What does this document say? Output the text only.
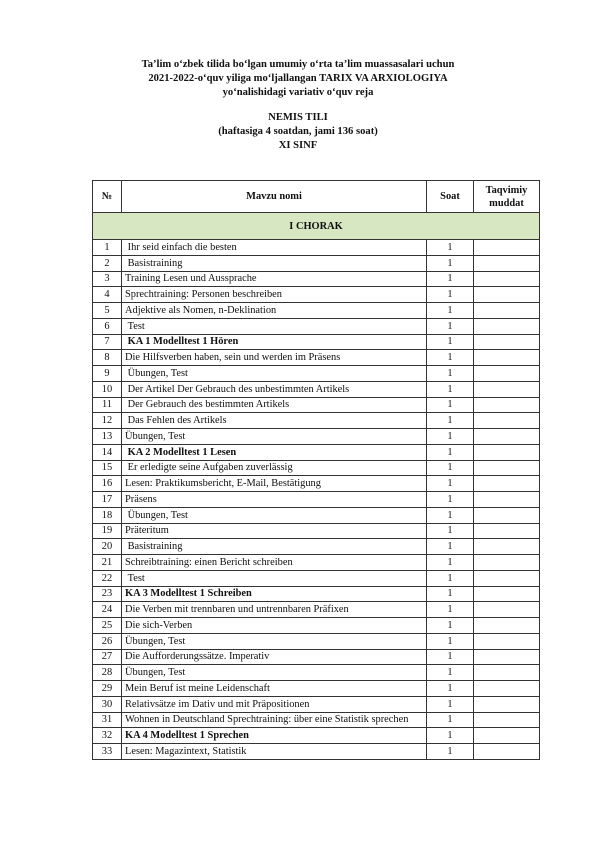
Ta’lim o‘zbek tilida bo‘lgan umumiy o‘rta ta’lim muassasalari uchun
2021-2022-o‘quv yiliga mo‘ljallangan TARIX VA ARXIOLOGIYA
yo‘nalishidagi variativ o‘quv reja
NEMIS TILI
(haftasiga 4 soatdan, jami 136 soat)
XI SINF
№	Mavzu nomi	Soat	Taqvimiy muddat
I CHORAK			
1	Ihr seid einfach die besten	1	
2	Basistraining	1	
3	Training Lesen und Aussprache	1	
4	Sprechtraining: Personen beschreiben	1	
5	Adjektive als Nomen, n-Deklination	1	
6	Test	1	
7	KA 1 Modelltest 1 Hören	1	
8	Die Hilfsverben haben, sein und werden im Präsens	1	
9	Übungen, Test	1	
10	Der Artikel Der Gebrauch des unbestimmten Artikels	1	
11	Der Gebrauch des bestimmten Artikels	1	
12	Das Fehlen des Artikels	1	
13	Übungen, Test	1	
14	KA 2 Modelltest 1 Lesen	1	
15	Er erledigte seine Aufgaben zuverlässig	1	
16	Lesen: Praktikumsbericht, E-Mail, Bestätigung	1	
17	Präsens	1	
18	Übungen, Test	1	
19	Präteritum	1	
20	Basistraining	1	
21	Schreibtraining: einen Bericht schreiben	1	
22	Test	1	
23	KA 3 Modelltest 1 Schreiben	1	
24	Die Verben mit trennbaren und untrennbaren Präfixen	1	
25	Die sich-Verben	1	
26	Übungen, Test	1	
27	Die Aufforderungssätze. Imperativ	1	
28	Übungen, Test	1	
29	Mein Beruf ist meine Leidenschaft	1	
30	Relativsätze im Dativ und mit Präpositionen	1	
31	Wohnen in Deutschland Sprechtraining: über eine Statistik sprechen	1	
32	KA 4 Modelltest 1 Sprechen	1	
33	Lesen: Magazintext, Statistik	1	
